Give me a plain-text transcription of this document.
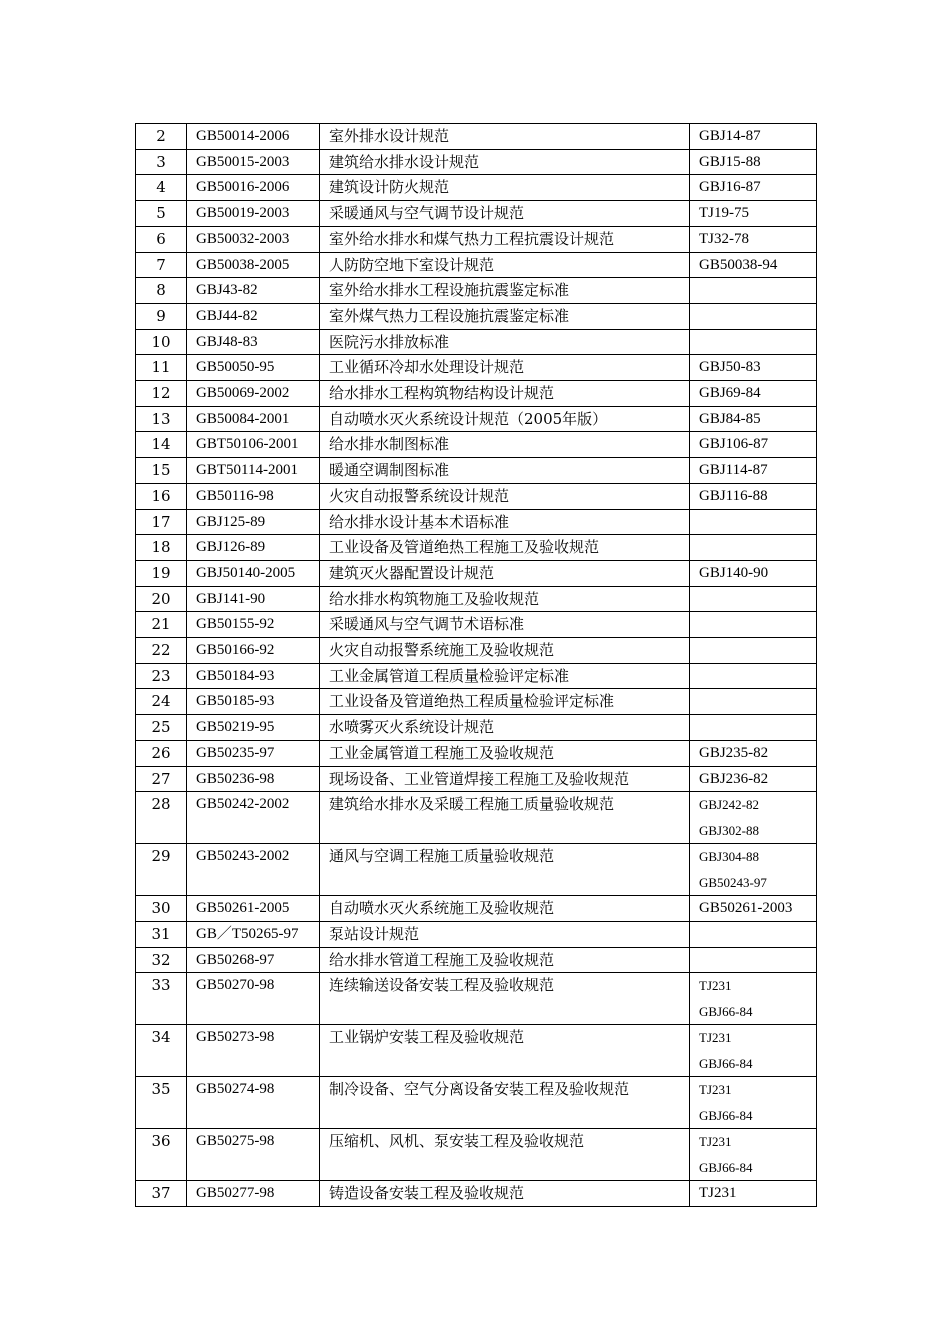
2	GB50014-2006	室外排水设计规范	GBJ14-87
3	GB50015-2003	建筑给水排水设计规范	GBJ15-88
4	GB50016-2006	建筑设计防火规范	GBJ16-87
5	GB50019-2003	采暖通风与空气调节设计规范	TJ19-75
6	GB50032-2003	室外给水排水和煤气热力工程抗震设计规范	TJ32-78
7	GB50038-2005	人防防空地下室设计规范	GB50038-94
8	GBJ43-82	室外给水排水工程设施抗震鉴定标准	
9	GBJ44-82	室外煤气热力工程设施抗震鉴定标准	
10	GBJ48-83	医院污水排放标准	
11	GB50050-95	工业循环冷却水处理设计规范	GBJ50-83
12	GB50069-2002	给水排水工程构筑物结构设计规范	GBJ69-84
13	GB50084-2001	自动喷水灭火系统设计规范（2005年版）	GBJ84-85
14	GBT50106-2001	给水排水制图标准	GBJ106-87
15	GBT50114-2001	暖通空调制图标准	GBJ114-87
16	GB50116-98	火灾自动报警系统设计规范	GBJ116-88
17	GBJ125-89	给水排水设计基本术语标准	
18	GBJ126-89	工业设备及管道绝热工程施工及验收规范	
19	GBJ50140-2005	建筑灭火器配置设计规范	GBJ140-90
20	GBJ141-90	给水排水构筑物施工及验收规范	
21	GB50155-92	采暖通风与空气调节术语标准	
22	GB50166-92	火灾自动报警系统施工及验收规范	
23	GB50184-93	工业金属管道工程质量检验评定标准	
24	GB50185-93	工业设备及管道绝热工程质量检验评定标准	
25	GB50219-95	水喷雾灭火系统设计规范	
26	GB50235-97	工业金属管道工程施工及验收规范	GBJ235-82
27	GB50236-98	现场设备、工业管道焊接工程施工及验收规范	GBJ236-82
28	GB50242-2002	建筑给水排水及采暖工程施工质量验收规范	GBJ242-82
GBJ302-88

29	GB50243-2002	通风与空调工程施工质量验收规范	GBJ304-88
GB50243-97

30	GB50261-2005	自动喷水灭火系统施工及验收规范	GB50261-2003
31	GB／T50265-97	泵站设计规范	
32	GB50268-97	给水排水管道工程施工及验收规范	
33	GB50270-98	连续输送设备安装工程及验收规范	TJ231
GBJ66-84

34	GB50273-98	工业锅炉安装工程及验收规范	TJ231
GBJ66-84

35	GB50274-98	制冷设备、空气分离设备安装工程及验收规范	TJ231
GBJ66-84

36	GB50275-98	压缩机、风机、泵安装工程及验收规范	TJ231
GBJ66-84

37	GB50277-98	铸造设备安装工程及验收规范	TJ231
